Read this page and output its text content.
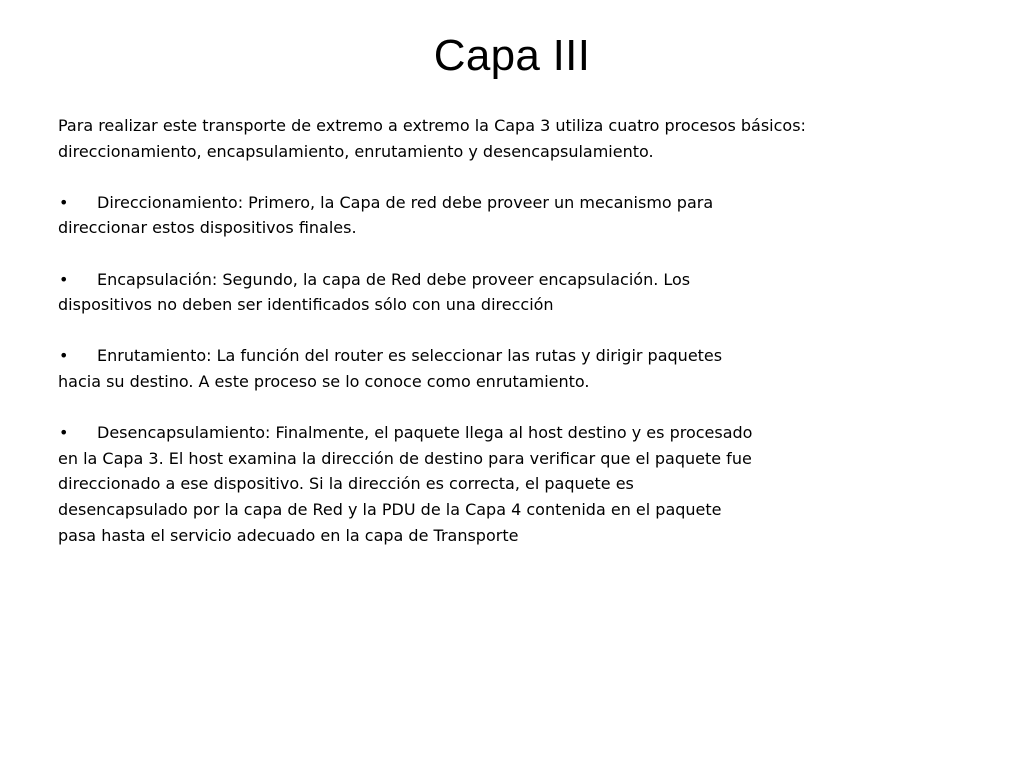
Capa III

Para realizar este transporte de extremo a extremo la Capa 3 utiliza cuatro procesos básicos:
direccionamiento, encapsulamiento, enrutamiento y desencapsulamiento.

• Direccionamiento: Primero, la Capa de red debe proveer un mecanismo para
direccionar estos dispositivos finales.

• Encapsulación: Segundo, la capa de Red debe proveer encapsulación. Los
dispositivos no deben ser identificados sólo con una dirección

• Enrutamiento: La función del router es seleccionar las rutas y dirigir paquetes
hacia su destino. A este proceso se lo conoce como enrutamiento.

• Desencapsulamiento: Finalmente, el paquete llega al host destino y es procesado
en la Capa 3. El host examina la dirección de destino para verificar que el paquete fue
direccionado a ese dispositivo. Si la dirección es correcta, el paquete es
desencapsulado por la capa de Red y la PDU de la Capa 4 contenida en el paquete
pasa hasta el servicio adecuado en la capa de Transporte
